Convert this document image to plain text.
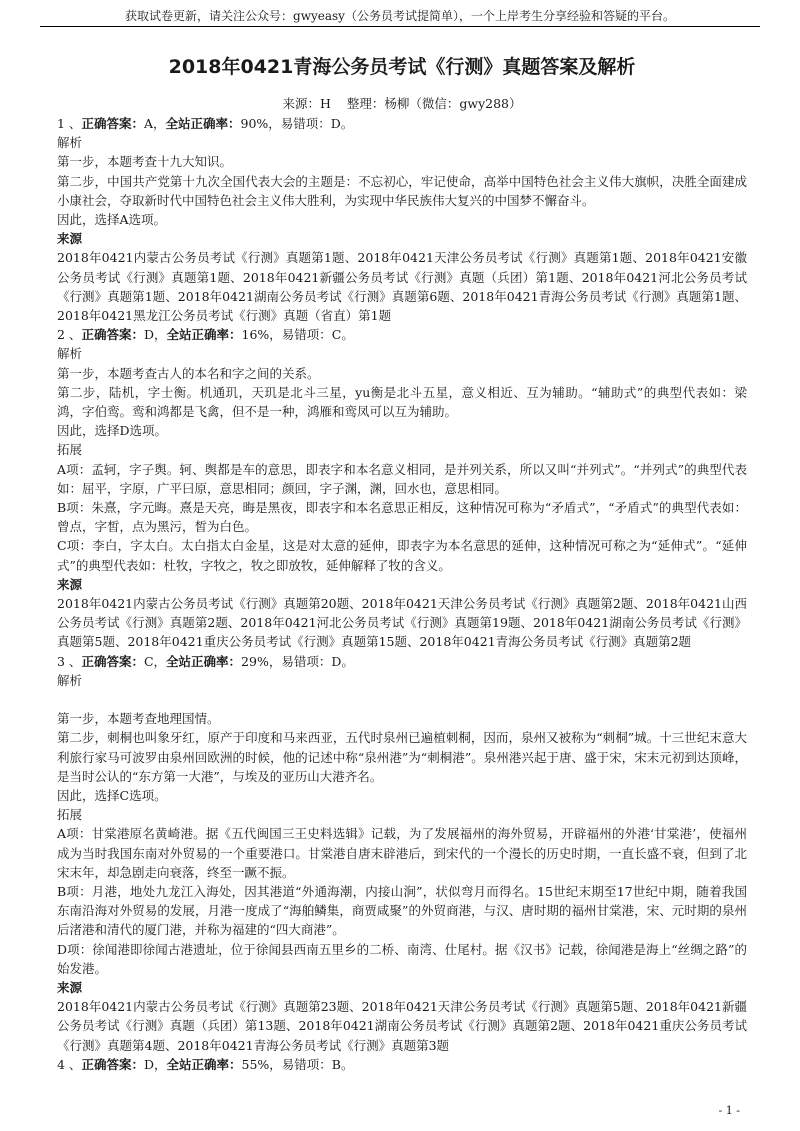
获取试卷更新，请关注公众号：gwyeasy（公务员考试提简单），一个上岸考生分享经验和答疑的平台。
2018年0421青海公务员考试《行测》真题答案及解析
来源：H 整理：杨柳（微信：gwy288）

1 、正确答案：A，全站正确率：90%，易错项：D。

解析

第一步，本题考查十九大知识。

第二步，中国共产党第十九次全国代表大会的主题是：不忘初心，牢记使命，高举中国特色社会主义伟大旗帜，决胜全面建成小康社会，夺取新时代中国特色社会主义伟大胜利，为实现中华民族伟大复兴的中国梦不懈奋斗。

因此，选择A选项。

来源

2018年0421内蒙古公务员考试《行测》真题第1题、2018年0421天津公务员考试《行测》真题第1题、2018年0421安徽公务员考试《行测》真题第1题、2018年0421新疆公务员考试《行测》真题（兵团）第1题、2018年0421河北公务员考试《行测》真题第1题、2018年0421湖南公务员考试《行测》真题第6题、2018年0421青海公务员考试《行测》真题第1题、2018年0421黑龙江公务员考试《行测》真题（省直）第1题

2 、正确答案：D，全站正确率：16%，易错项：C。

解析

第一步，本题考查古人的本名和字之间的关系。

第二步，陆机，字士衡。机通玑，天玑是北斗三星，yu衡是北斗五星，意义相近、互为辅助。“辅助式”的典型代表如：梁鸿，字伯鸾。鸾和鸿都是飞禽，但不是一种，鸿雁和鸾凤可以互为辅助。

因此，选择D选项。

拓展

A项：孟轲，字子舆。轲、舆都是车的意思，即表字和本名意义相同，是并列关系，所以又叫“并列式”。“并列式”的典型代表如：屈平，字原，广平曰原，意思相同；颜回，字子渊，渊，回水也，意思相同。

B项：朱熹，字元晦。熹是天亮，晦是黑夜，即表字和本名意思正相反，这种情况可称为“矛盾式”，“矛盾式”的典型代表如：曾点，字皙，点为黑污，皙为白色。

C项：李白，字太白。太白指太白金星，这是对太意的延伸，即表字为本名意思的延伸，这种情况可称之为“延伸式”。“延伸式”的典型代表如：杜牧，字牧之，牧之即放牧，延伸解释了牧的含义。

来源

2018年0421内蒙古公务员考试《行测》真题第20题、2018年0421天津公务员考试《行测》真题第2题、2018年0421山西公务员考试《行测》真题第2题、2018年0421河北公务员考试《行测》真题第19题、2018年0421湖南公务员考试《行测》真题第5题、2018年0421重庆公务员考试《行测》真题第15题、2018年0421青海公务员考试《行测》真题第2题

3 、正确答案：C，全站正确率：29%，易错项：D。

解析

第一步，本题考查地理国情。

第二步，刺桐也叫象牙红，原产于印度和马来西亚，五代时泉州已遍植刺桐，因而，泉州又被称为“刺桐”城。十三世纪末意大利旅行家马可波罗由泉州回欧洲的时候，他的记述中称“泉州港”为“刺桐港”。泉州港兴起于唐、盛于宋，宋末元初到达顶峰，是当时公认的“东方第一大港”，与埃及的亚历山大港齐名。

因此，选择C选项。

拓展

A项：甘棠港原名黄崎港。据《五代闽国三王史料选辑》记载，为了发展福州的海外贸易，开辟福州的外港‘甘棠港’，使福州成为当时我国东南对外贸易的一个重要港口。甘棠港自唐末辟港后，到宋代的一个漫长的历史时期，一直长盛不衰，但到了北宋末年，却急剧走向衰落，终至一蹶不振。

B项：月港，地处九龙江入海处，因其港道“外通海潮，内接山涧”，状似弯月而得名。15世纪末期至17世纪中期，随着我国东南沿海对外贸易的发展，月港一度成了“海舶鳞集，商贾咸聚”的外贸商港，与汉、唐时期的福州甘棠港，宋、元时期的泉州后渚港和清代的厦门港，并称为福建的“四大商港”。

D项：徐闻港即徐闻古港遗址，位于徐闻县西南五里乡的二桥、南湾、仕尾村。据《汉书》记载，徐闻港是海上“丝绸之路”的始发港。

来源

2018年0421内蒙古公务员考试《行测》真题第23题、2018年0421天津公务员考试《行测》真题第5题、2018年0421新疆公务员考试《行测》真题（兵团）第13题、2018年0421湖南公务员考试《行测》真题第2题、2018年0421重庆公务员考试《行测》真题第4题、2018年0421青海公务员考试《行测》真题第3题

4 、正确答案：D，全站正确率：55%，易错项：B。

- 1 -
